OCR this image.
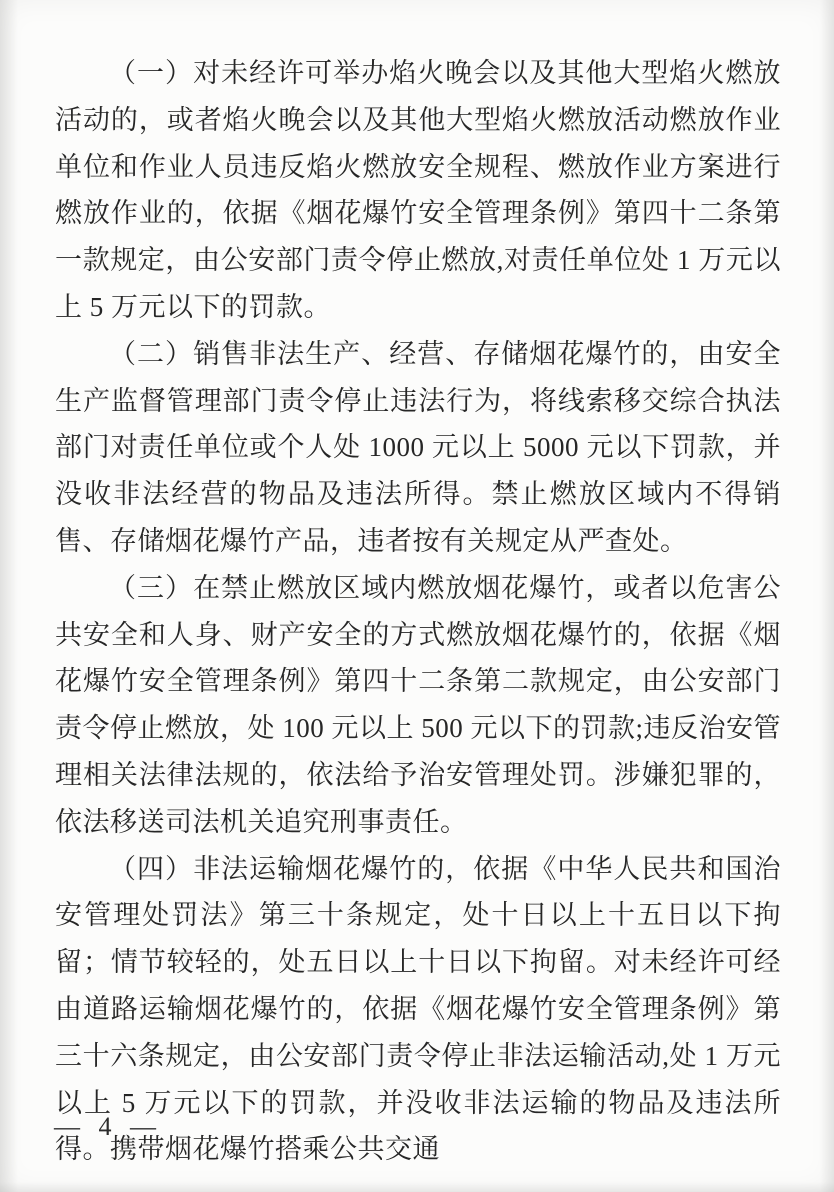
（一）对未经许可举办焰火晚会以及其他大型焰火燃放活动的，或者焰火晚会以及其他大型焰火燃放活动燃放作业单位和作业人员违反焰火燃放安全规程、燃放作业方案进行燃放作业的，依据《烟花爆竹安全管理条例》第四十二条第一款规定，由公安部门责令停止燃放,对责任单位处 1 万元以上 5 万元以下的罚款。

（二）销售非法生产、经营、存储烟花爆竹的，由安全生产监督管理部门责令停止违法行为，将线索移交综合执法部门对责任单位或个人处 1000 元以上 5000 元以下罚款，并没收非法经营的物品及违法所得。禁止燃放区域内不得销售、存储烟花爆竹产品，违者按有关规定从严查处。

（三）在禁止燃放区域内燃放烟花爆竹，或者以危害公共安全和人身、财产安全的方式燃放烟花爆竹的，依据《烟花爆竹安全管理条例》第四十二条第二款规定，由公安部门责令停止燃放，处 100 元以上 500 元以下的罚款;违反治安管理相关法律法规的，依法给予治安管理处罚。涉嫌犯罪的，依法移送司法机关追究刑事责任。

（四）非法运输烟花爆竹的，依据《中华人民共和国治安管理处罚法》第三十条规定，处十日以上十五日以下拘留；情节较轻的，处五日以上十日以下拘留。对未经许可经由道路运输烟花爆竹的，依据《烟花爆竹安全管理条例》第三十六条规定，由公安部门责令停止非法运输活动,处 1 万元以上 5 万元以下的罚款，并没收非法运输的物品及违法所得。携带烟花爆竹搭乘公共交通

— 4 —
